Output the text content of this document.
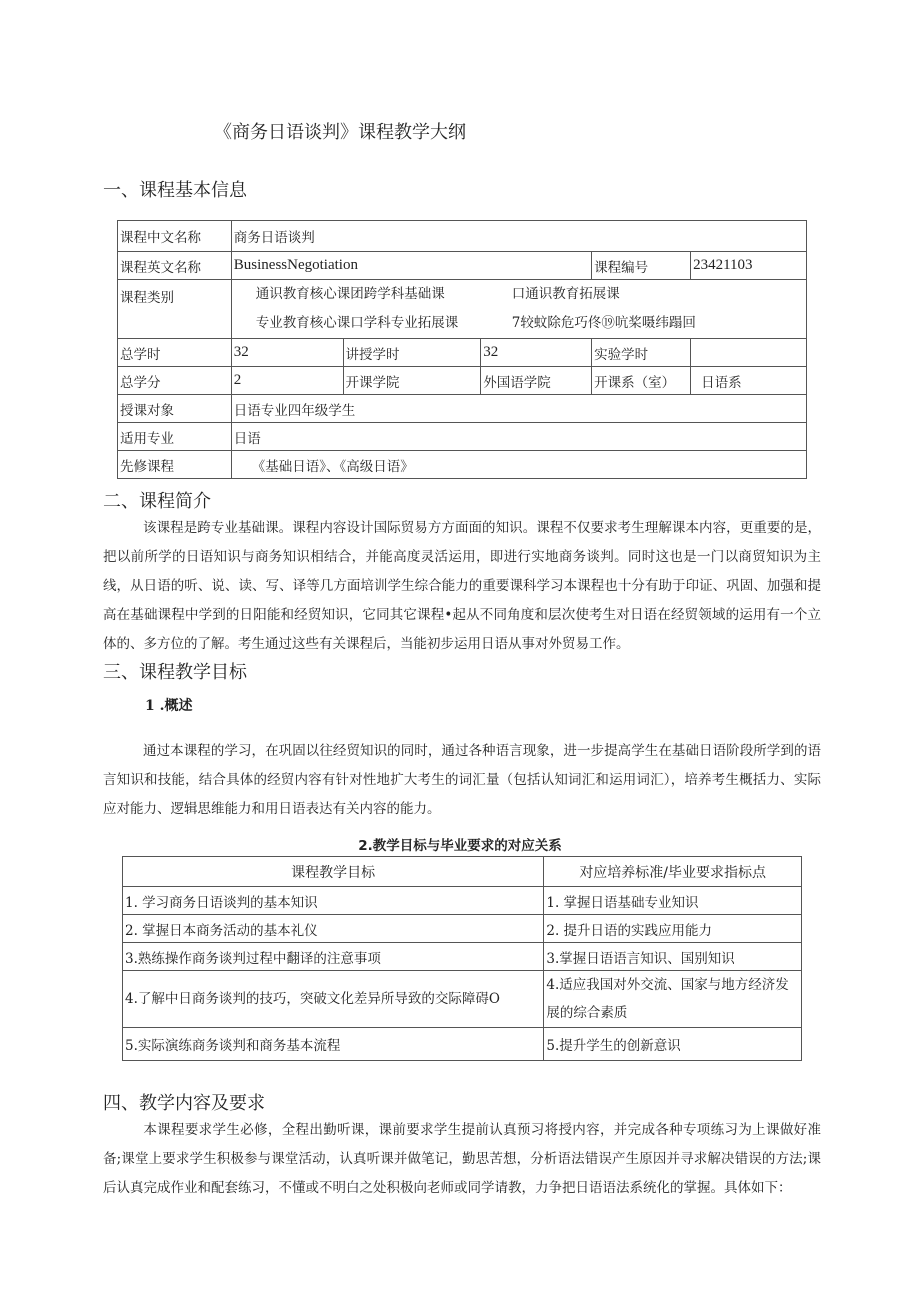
《商务日语谈判》课程教学大纲
一、课程基本信息
课程中文名称	商务日语谈判				
课程英文名称	BusinessNegotiation			课程编号	23421103
课程类别	通识教育核心课团跨学科基础课 口通识教育拓展课
专业教育核心课口学科专业拓展课 7较蚊除危巧佟⑲吭桨嗫纬蹋回				
总学时	32	讲授学时	32	实验学时	
总学分	2	开课学院	外国语学院	开课系（室）	日语系
授课对象	日语专业四年级学生				
适用专业	日语				
先修课程	《基础日语》、《高级日语》				
二、课程简介
该课程是跨专业基础课。课程内容设计国际贸易方方面面的知识。课程不仅要求考生理解课本内容，更重要的是，把以前所学的日语知识与商务知识相结合，并能高度灵活运用，即进行实地商务谈判。同时这也是一门以商贸知识为主线，从日语的听、说、读、写、译等几方面培训学生综合能力的重要课科学习本课程也十分有助于印证、巩固、加强和提高在基础课程中学到的日阳能和经贸知识，它同其它课程•起从不同角度和层次使考生对日语在经贸领域的运用有一个立体的、多方位的了解。考生通过这些有关课程后，当能初步运用日语从事对外贸易工作。
三、课程教学目标
1 .概述
通过本课程的学习，在巩固以往经贸知识的同时，通过各种语言现象，进一步提高学生在基础日语阶段所学到的语言知识和技能，结合具体的经贸内容有针对性地扩大考生的词汇量（包括认知词汇和运用词汇），培养考生概括力、实际应对能力、逻辑思维能力和用日语表达有关内容的能力。
2.教学目标与毕业要求的对应关系
课程教学目标	对应培养标准/毕业要求指标点
1. 学习商务日语谈判的基本知识	1. 掌握日语基础专业知识
2. 掌握日本商务活动的基本礼仪	2. 提升日语的实践应用能力
3.熟练操作商务谈判过程中翻译的注意事项	3.掌握日语语言知识、国别知识
4.了解中日商务谈判的技巧，突破文化差异所导致的交际障碍O	4.适应我国对外交流、国家与地方经济发展的综合素质
5.实际演练商务谈判和商务基本流程	5.提升学生的创新意识
四、教学内容及要求
本课程要求学生必修，全程出勤听课，课前要求学生提前认真预习将授内容，并完成各种专项练习为上课做好准备;课堂上要求学生积极参与课堂活动，认真听课并做笔记，勤思苦想，分析语法错误产生原因并寻求解决错误的方法;课后认真完成作业和配套练习，不懂或不明白之处积极向老师或同学请教，力争把日语语法系统化的掌握。具体如下：
